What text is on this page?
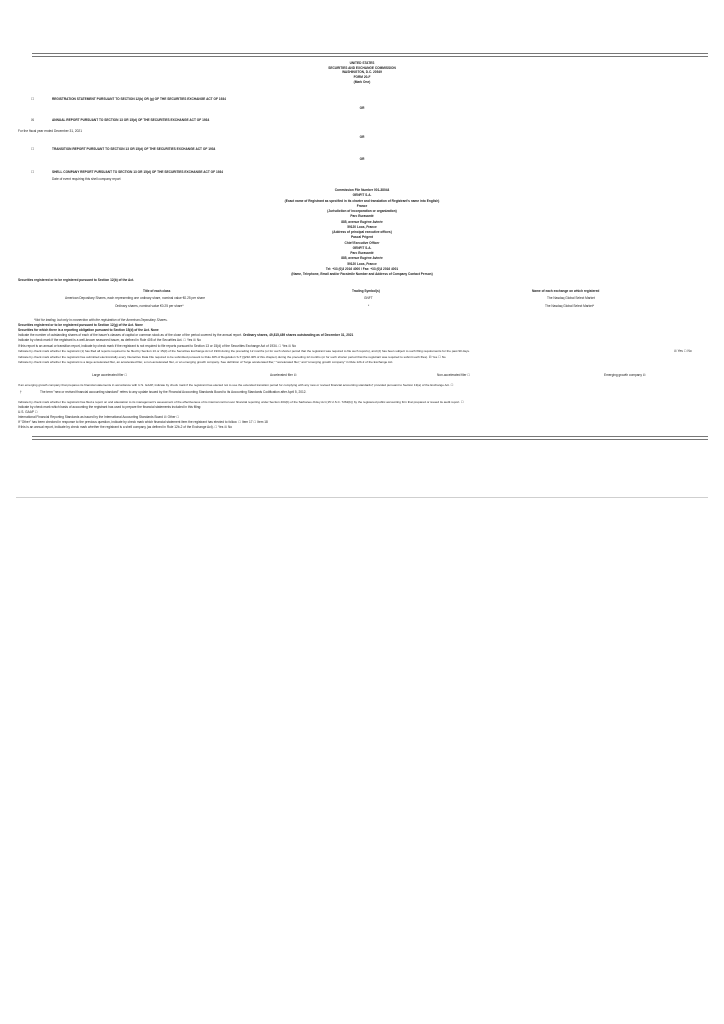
UNITED STATES
SECURITIES AND EXCHANGE COMMISSION
WASHINGTON, D.C. 20549
FORM 20-F
(Mark One)
☐	REGISTRATION STATEMENT PURSUANT TO SECTION 12(b) OR (g) OF THE SECURITIES EXCHANGE ACT OF 1934
OR
☒	ANNUAL REPORT PURSUANT TO SECTION 13 OR 15(d) OF THE SECURITIES EXCHANGE ACT OF 1934
For the fiscal year ended December 31, 2021
OR
☐	TRANSITION REPORT PURSUANT TO SECTION 13 OR 15(d) OF THE SECURITIES EXCHANGE ACT OF 1934
OR
☐	SHELL COMPANY REPORT PURSUANT TO SECTION 13 OR 15(d) OF THE SECURITIES EXCHANGE ACT OF 1934
Date of event requiring this shell company report
Commission File Number 001-38044
GENFIT S.A.
(Exact name of Registrant as specified in its charter and translation of Registrant's name into English)
France
(Jurisdiction of incorporation or organization)
Parc Eurasanté
885, avenue Eugène Avinée
59120 Loos, France
(Address of principal executive offices)
Pascal Prigent
Chief Executive Officer
GENFIT S.A.
Parc Eurasanté
885, avenue Eugène Avinée
59120 Loos, France
Tel: +33 (0)3 2016 4000 / Fax: +33 (0)3 2016 4001
(Name, Telephone, Email and/or Facsimile Number and Address of Company Contact Person)
Securities registered or to be registered pursuant to Section 12(b) of the Act.
Title of each class	Trading Symbol(s)	Name of each exchange on which registered
American Depositary Shares, each representing one ordinary share, nominal value €0.25 per share	GNFT	The Nasdaq Global Select Market
Ordinary shares, nominal value €0.25 per share*	*	The Nasdaq Global Select Market*
*Not for trading, but only in connection with the registration of the American Depositary Shares.
Securities registered or to be registered pursuant to Section 12(g) of the Act. None
Securities for which there is a reporting obligation pursuant to Section 15(d) of the Act. None
Indicate the number of outstanding shares of each of the issuer's classes of capital or common stock as of the close of the period covered by the annual report. Ordinary shares, 49,815,489 shares outstanding as of December 31, 2021
Indicate by check mark if the registrant is a well-known seasoned issuer, as defined in Rule 405 of the Securities Act. ☐ Yes ☒ No
If this report is an annual or transition report, indicate by check mark if the registrant is not required to file reports pursuant to Section 13 or 15(d) of the Securities Exchange Act of 1934. ☐ Yes ☒ No
Indicate by check mark whether the registrant (1) has filed all reports required to be filed by Section 13 or 15(d) of the Securities Exchange Act of 1934 during the preceding 12 months (or for such shorter period that the registrant was required to file such reports), and (2) has been subject to such filing requirements for the past 90 days.	☒ Yes ☐ No
Indicate by check mark whether the registrant has submitted electronically every Interactive Data File required to be submitted pursuant to Rule 405 of Regulation S-T (§232.405 of this chapter) during the preceding 12 months (or for such shorter period that the registrant was required to submit such files). ☒ Yes ☐ No
Indicate by check mark whether the registrant is a large accelerated filer, an accelerated filer, a non-accelerated filer, or an emerging growth company. See definition of "large accelerated filer," "accelerated filer," and "emerging growth company" in Rule 12b-2 of the Exchange Act.
Large accelerated filer ☐	Accelerated filer ☒	Non-accelerated filer ☐	Emerging growth company ☒
If an emerging growth company that prepares its financial statements in accordance with U.S. GAAP, indicate by check mark if the registrant has elected not to use the extended transition period for complying with any new or revised financial accounting standards† provided pursuant to Section 13(a) of the Exchange Act. ☐
†	The term "new or revised financial accounting standard" refers to any update issued by the Financial Accounting Standards Board to its Accounting Standards Codification after April 5, 2012.
Indicate by check mark whether the registrant has filed a report on and attestation to its management's assessment of the effectiveness of its internal control over financial reporting under Section 404(b) of the Sarbanes-Oxley Act (15 U.S.C. 7262(b)) by the registered public accounting firm that prepared or issued its audit report. ☐
Indicate by check mark which basis of accounting the registrant has used to prepare the financial statements included in this filing:
U.S. GAAP ☐
International Financial Reporting Standards as issued by the International Accounting Standards Board ☒ Other ☐
If "Other" has been checked in response to the previous question, indicate by check mark which financial statement item the registrant has elected to follow. ☐ Item 17 ☐ Item 18
If this is an annual report, indicate by check mark whether the registrant is a shell company (as defined in Rule 12b-2 of the Exchange Act). ☐ Yes ☒ No
